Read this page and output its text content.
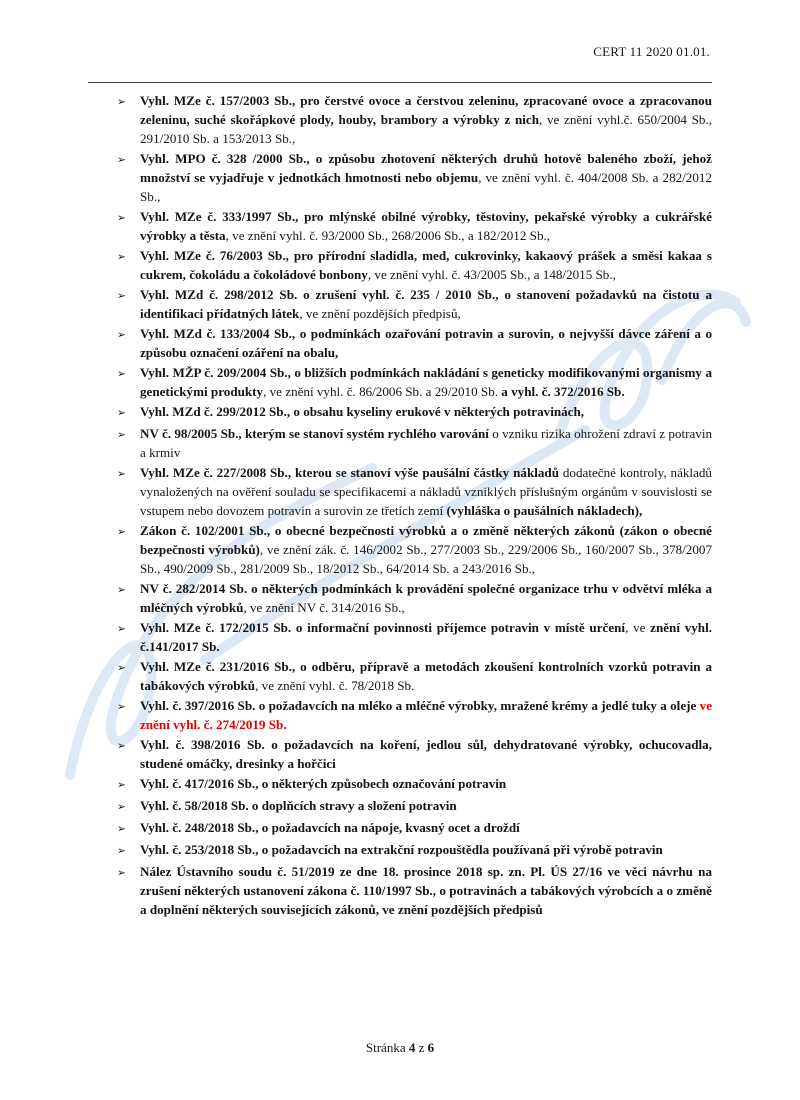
CERT 11 2020 01.01.
➢	Vyhl. MZe č. 157/2003 Sb., pro čerstvé ovoce a čerstvou zeleninu, zpracované ovoce a zpracovanou zeleninu, suché skořápkové plody, houby, brambory a výrobky z nich, ve znění vyhl.č. 650/2004 Sb., 291/2010 Sb. a 153/2013 Sb.,
➢	Vyhl. MPO č. 328 /2000 Sb., o způsobu zhotovení některých druhů hotově baleného zboží, jehož množství se vyjadřuje v jednotkách hmotnosti nebo objemu, ve znění vyhl. č. 404/2008 Sb. a 282/2012 Sb.,
➢	Vyhl. MZe č. 333/1997 Sb., pro mlýnské obilné výrobky, těstoviny, pekařské výrobky a cukrářské výrobky a těsta, ve znění vyhl. č. 93/2000 Sb., 268/2006 Sb., a 182/2012 Sb.,
➢	Vyhl. MZe č. 76/2003 Sb., pro přírodní sladidla, med, cukrovinky, kakaový prášek a směsi kakaa s cukrem, čokoládu a čokoládové bonbony, ve znění vyhl. č. 43/2005 Sb., a 148/2015 Sb.,
➢	Vyhl. MZd č. 298/2012 Sb. o zrušení vyhl. č. 235 / 2010 Sb., o stanovení požadavků na čistotu a identifikaci přídatných látek, ve znění pozdějších předpisů,
➢	Vyhl. MZd č. 133/2004 Sb., o podmínkách ozařování potravin a surovin, o nejvyšší dávce záření a o způsobu označení ozáření na obalu,
➢	Vyhl. MŽP č. 209/2004 Sb., o bližších podmínkách nakládání s geneticky modifikovanými organismy a genetickými produkty, ve znění vyhl. č. 86/2006 Sb. a 29/2010 Sb. a vyhl. č. 372/2016 Sb.
➢	Vyhl. MZd č. 299/2012 Sb., o obsahu kyseliny erukové v některých potravinách,
➢	NV č. 98/2005 Sb., kterým se stanoví systém rychlého varování o vzniku rizika ohrožení zdraví z potravin a krmiv
➢	Vyhl. MZe č. 227/2008 Sb., kterou se stanoví výše paušální částky nákladů dodatečné kontroly, nákladů vynaložených na ověření souladu se specifikacemi a nákladů vzniklých příslušným orgánům v souvislosti se vstupem nebo dovozem potravin a surovin ze třetích zemí (vyhláška o paušálních nákladech),
➢	Zákon č. 102/2001 Sb., o obecné bezpečnosti výrobků a o změně některých zákonů (zákon o obecné bezpečnosti výrobků), ve znění zák. č. 146/2002 Sb., 277/2003 Sb., 229/2006 Sb., 160/2007 Sb., 378/2007 Sb., 490/2009 Sb., 281/2009 Sb., 18/2012 Sb., 64/2014 Sb. a 243/2016 Sb.,
➢	NV č. 282/2014 Sb. o některých podmínkách k provádění společné organizace trhu v odvětví mléka a mléčných výrobků, ve znění NV č. 314/2016 Sb.,
➢	Vyhl. MZe č. 172/2015 Sb. o informační povinnosti příjemce potravin v místě určení, ve znění vyhl. č.141/2017 Sb.
➢	Vyhl. MZe č. 231/2016 Sb., o odběru, přípravě a metodách zkoušení kontrolních vzorků potravin a tabákových výrobků, ve znění vyhl. č. 78/2018 Sb.
➢	Vyhl. č. 397/2016 Sb. o požadavcích na mléko a mléčné výrobky, mražené krémy a jedlé tuky a oleje ve znění vyhl. č. 274/2019 Sb.
➢	Vyhl. č. 398/2016 Sb. o požadavcích na koření, jedlou sůl, dehydratované výrobky, ochucovadla, studené omáčky, dresinky a hořčici
➢	Vyhl. č. 417/2016 Sb., o některých způsobech označování potravin
➢	Vyhl. č. 58/2018 Sb. o doplňcích stravy a složení potravin
➢	Vyhl. č. 248/2018 Sb., o požadavcích na nápoje, kvasný ocet a droždí
➢	Vyhl. č. 253/2018 Sb., o požadavcích na extrakční rozpouštědla používaná při výrobě potravin
➢	Nález Ústavního soudu č. 51/2019 ze dne 18. prosince 2018 sp. zn. Pl. ÚS 27/16 ve věci návrhu na zrušení některých ustanovení zákona č. 110/1997 Sb., o potravinách a tabákových výrobcích a o změně a doplnění některých souvisejících zákonů, ve znění pozdějších předpisů
Stránka 4 z 6
